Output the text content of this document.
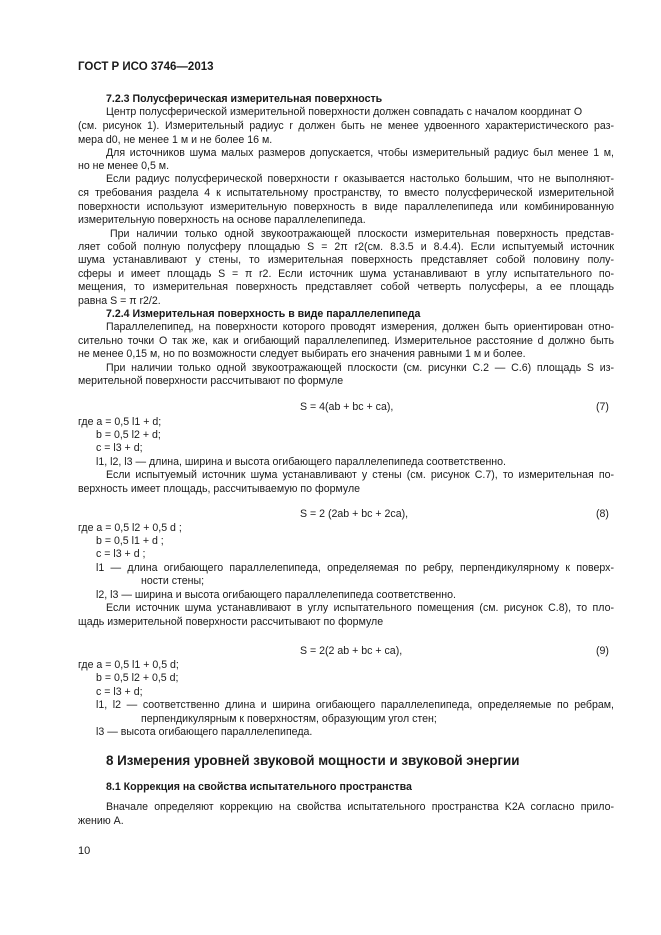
ГОСТ Р ИСО 3746—2013
7.2.3 Полусферическая измерительная поверхность
Центр полусферической измерительной поверхности должен совпадать с началом координат О
(см. рисунок 1). Измерительный радиус r должен быть не менее удвоенного характеристического раз-
мера d0, не менее 1 м и не более 16 м.
Для источников шума малых размеров допускается, чтобы измерительный радиус был менее 1 м,
но не менее 0,5 м.
Если радиус полусферической поверхности r оказывается настолько большим, что не выполняют-
ся требования раздела 4 к испытательному пространству, то вместо полусферической измерительной
поверхности используют измерительную поверхность в виде параллелепипеда или комбинированную
измерительную поверхность на основе параллелепипеда.
При наличии только одной звукоотражающей плоскости измерительная поверхность представ-
ляет собой полную полусферу площадью S = 2π r2(см. 8.3.5 и 8.4.4). Если испытуемый источник
шума устанавливают у стены, то измерительная поверхность представляет собой половину полу-
сферы и имеет площадь S = π r2. Если источник шума устанавливают в углу испытательного по-
мещения, то измерительная поверхность представляет собой четверть полусферы, а ее площадь
равна S = π r2/2.
7.2.4 Измерительная поверхность в виде параллелепипеда
Параллелепипед, на поверхности которого проводят измерения, должен быть ориентирован отно-
сительно точки О так же, как и огибающий параллелепипед. Измерительное расстояние d должно быть
не менее 0,15 м, но по возможности следует выбирать его значения равными 1 м и более.
При наличии только одной звукоотражающей плоскости (см. рисунки С.2 — С.6) площадь S из-
мерительной поверхности рассчитывают по формуле
S = 4(ab + bc + ca),	(7)
где a = 0,5 l1 + d;
b = 0,5 l2 + d;
c = l3 + d;
l1, l2, l3 — длина, ширина и высота огибающего параллелепипеда соответственно.
Если испытуемый источник шума устанавливают у стены (см. рисунок С.7), то измерительная по-
верхность имеет площадь, рассчитываемую по формуле
S = 2 (2ab + bc + 2ca),	(8)
где a = 0,5 l2 + 0,5 d ;
b = 0,5 l1 + d ;
c = l3 + d ;
l1 — длина огибающего параллелепипеда, определяемая по ребру, перпендикулярному к поверх-
ности стены;
l2, l3 — ширина и высота огибающего параллелепипеда соответственно.
Если источник шума устанавливают в углу испытательного помещения (см. рисунок С.8), то пло-
щадь измерительной поверхности рассчитывают по формуле
S = 2(2 ab + bc + ca),	(9)
где a = 0,5 l1 + 0,5 d;
b = 0,5 l2 + 0,5 d;
c = l3 + d;
l1, l2 — соответственно длина и ширина огибающего параллелепипеда, определяемые по ребрам,
перпендикулярным к поверхностям, образующим угол стен;
l3 — высота огибающего параллелепипеда.
8 Измерения уровней звуковой мощности и звуковой энергии
8.1 Коррекция на свойства испытательного пространства
Вначале определяют коррекцию на свойства испытательного пространства K2A согласно прило-
жению А.
10
